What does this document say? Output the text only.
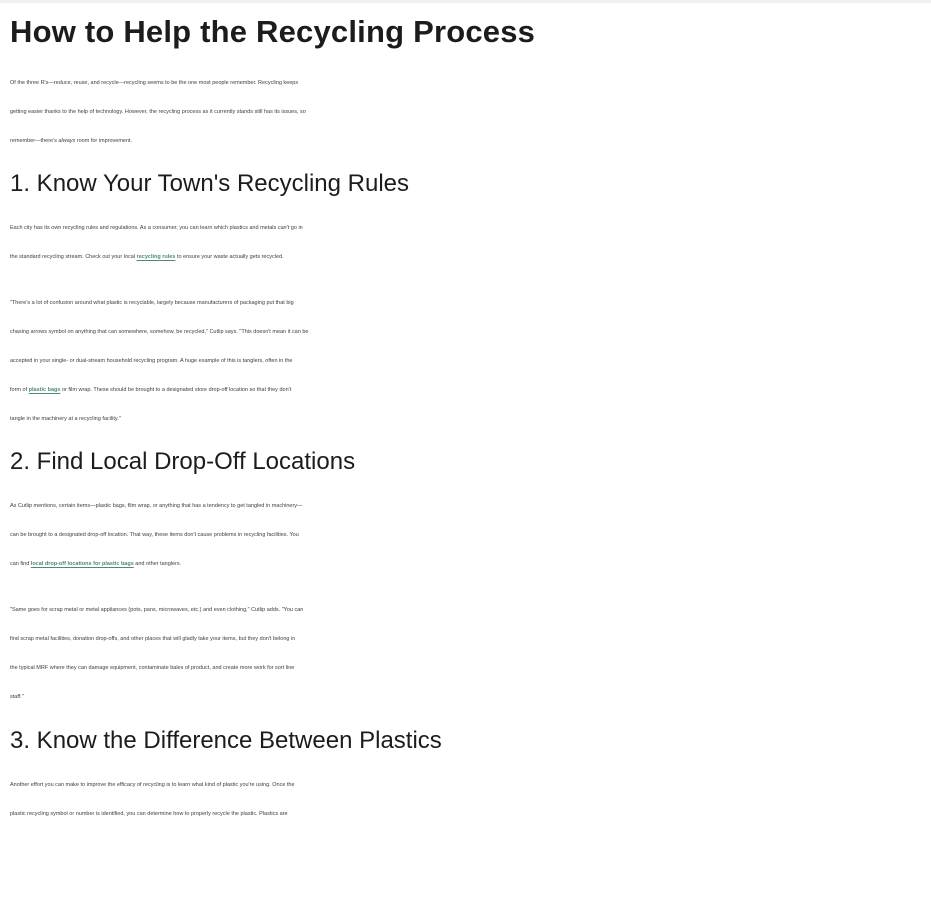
How to Help the Recycling Process

Of the three R's—reduce, reuse, and recycle—recycling seems to be the one most people remember. Recycling keeps
getting easier thanks to the help of technology. However, the recycling process as it currently stands still has its issues, so
remember—there's always room for improvement.

1. Know Your Town's Recycling Rules

Each city has its own recycling rules and regulations. As a consumer, you can learn which plastics and metals can't go in
the standard recycling stream. Check out your local recycling rules to ensure your waste actually gets recycled.

"There's a lot of confusion around what plastic is recyclable, largely because manufacturers of packaging put that big
chasing arrows symbol on anything that can somewhere, somehow, be recycled," Cutlip says. "This doesn't mean it can be
accepted in your single- or dual-stream household recycling program. A huge example of this is tanglers, often in the
form of plastic bags or film wrap. These should be brought to a designated store drop-off location so that they don't
tangle in the machinery at a recycling facility."

2. Find Local Drop-Off Locations

As Cutlip mentions, certain items—plastic bags, film wrap, or anything that has a tendency to get tangled in machinery—
can be brought to a designated drop-off location. That way, these items don't cause problems in recycling facilities. You
can find local drop-off locations for plastic bags and other tanglers.

"Same goes for scrap metal or metal appliances (pots, pans, microwaves, etc.) and even clothing," Cutlip adds. "You can
find scrap metal facilities, donation drop-offs, and other places that will gladly take your items, but they don't belong in
the typical MRF where they can damage equipment, contaminate bales of product, and create more work for sort line
staff."

3. Know the Difference Between Plastics

Another effort you can make to improve the efficacy of recycling is to learn what kind of plastic you're using. Once the
plastic recycling symbol or number is identified, you can determine how to properly recycle the plastic. Plastics are
